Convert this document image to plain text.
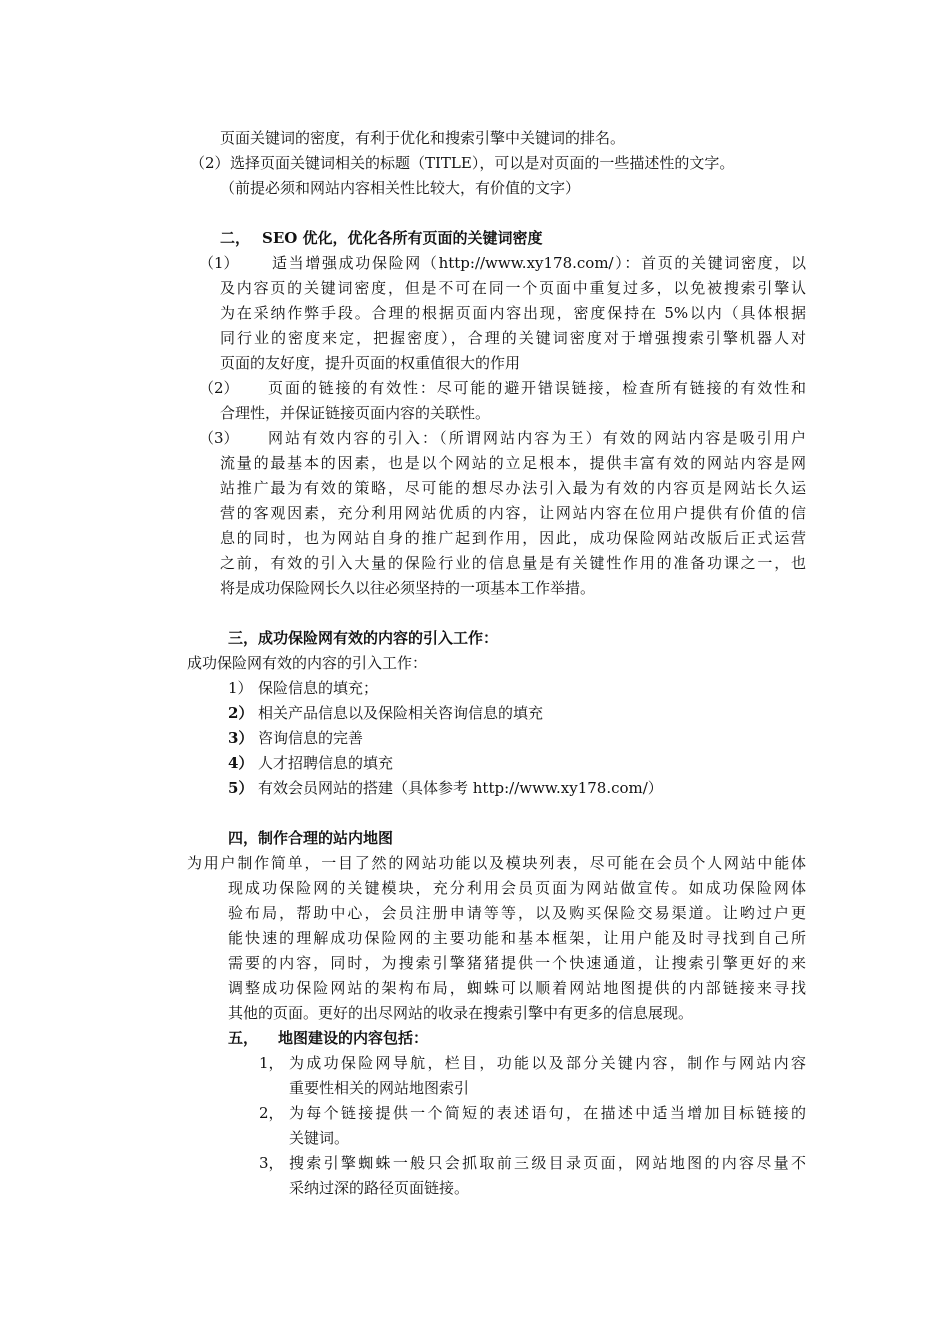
页面关键词的密度，有利于优化和搜索引擎中关键词的排名。
（2） 选择页面关键词相关的标题（TITLE），可以是对页面的一些描述性的文字。
（前提必须和网站内容相关性比较大，有价值的文字）
二， SEO 优化，优化各所有页面的关键词密度
（1） 适当增强成功保险网（http://www.xy178.com/）：首页的关键词密度，以
及内容页的关键词密度，但是不可在同一个页面中重复过多，以免被搜索引擎认
为在采纳作弊手段。合理的根据页面内容出现，密度保持在 5%以内（具体根据
同行业的密度来定，把握密度），合理的关键词密度对于增强搜索引擎机器人对
页面的友好度，提升页面的权重值很大的作用
（2） 页面的链接的有效性：尽可能的避开错误链接，检查所有链接的有效性和
合理性，并保证链接页面内容的关联性。
（3） 网站有效内容的引入：（所谓网站内容为王）有效的网站内容是吸引用户
流量的最基本的因素，也是以个网站的立足根本，提供丰富有效的网站内容是网
站推广最为有效的策略，尽可能的想尽办法引入最为有效的内容页是网站长久运
营的客观因素，充分利用网站优质的内容，让网站内容在位用户提供有价值的信
息的同时，也为网站自身的推广起到作用，因此，成功保险网站改版后正式运营
之前，有效的引入大量的保险行业的信息量是有关键性作用的准备功课之一，也
将是成功保险网长久以往必须坚持的一项基本工作举措。
三，成功保险网有效的内容的引入工作：
成功保险网有效的内容的引入工作：
1） 保险信息的填充；
2） 相关产品信息以及保险相关咨询信息的填充
3） 咨询信息的完善
4） 人才招聘信息的填充
5） 有效会员网站的搭建（具体参考 http://www.xy178.com/）
四，制作合理的站内地图
为用户制作简单，一目了然的网站功能以及模块列表，尽可能在会员个人网站中能体
现成功保险网的关键模块，充分利用会员页面为网站做宣传。如成功保险网体
验布局，帮助中心，会员注册申请等等，以及购买保险交易渠道。让哟过户更
能快速的理解成功保险网的主要功能和基本框架，让用户能及时寻找到自己所
需要的内容，同时，为搜索引擎猪猪提供一个快速通道，让搜索引擎更好的来
调整成功保险网站的架构布局，蜘蛛可以顺着网站地图提供的内部链接来寻找
其他的页面。更好的出尽网站的收录在搜索引擎中有更多的信息展现。
五， 地图建设的内容包括：
1， 为成功保险网导航，栏目，功能以及部分关键内容，制作与网站内容
重要性相关的网站地图索引
2， 为每个链接提供一个简短的表述语句，在描述中适当增加目标链接的
关键词。
3， 搜索引擎蜘蛛一般只会抓取前三级目录页面，网站地图的内容尽量不
采纳过深的路径页面链接。
